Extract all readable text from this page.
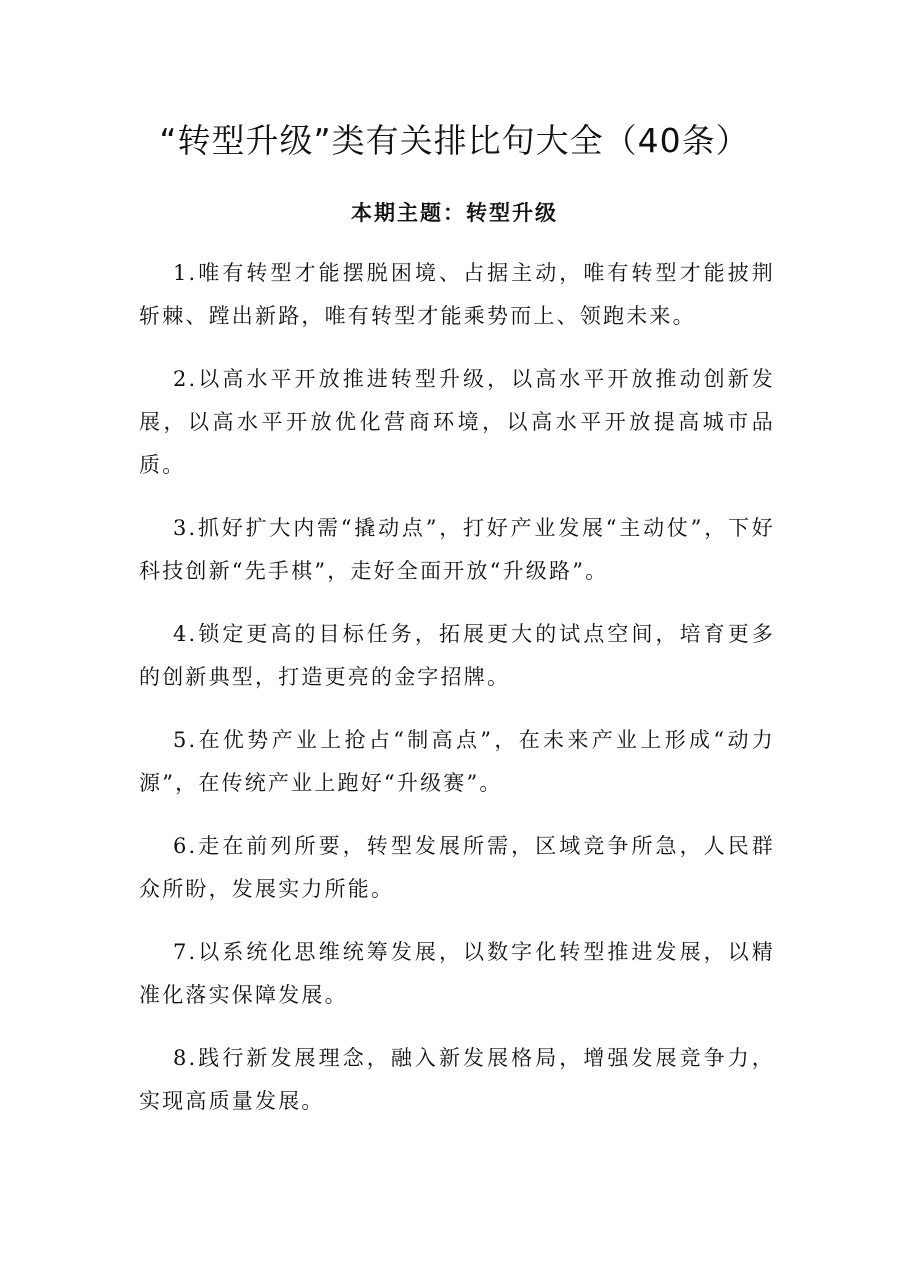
“转型升级”类有关排比句大全（40条）
本期主题：转型升级

1.唯有转型才能摆脱困境、占据主动，唯有转型才能披荆斩棘、蹚出新路，唯有转型才能乘势而上、领跑未来。

2.以高水平开放推进转型升级，以高水平开放推动创新发展，以高水平开放优化营商环境，以高水平开放提高城市品质。

3.抓好扩大内需“撬动点”，打好产业发展“主动仗”，下好科技创新“先手棋”，走好全面开放“升级路”。

4.锁定更高的目标任务，拓展更大的试点空间，培育更多的创新典型，打造更亮的金字招牌。

5.在优势产业上抢占“制高点”，在未来产业上形成“动力源”，在传统产业上跑好“升级赛”。

6.走在前列所要，转型发展所需，区域竞争所急，人民群众所盼，发展实力所能。

7.以系统化思维统筹发展，以数字化转型推进发展，以精准化落实保障发展。

8.践行新发展理念，融入新发展格局，增强发展竞争力，实现高质量发展。
